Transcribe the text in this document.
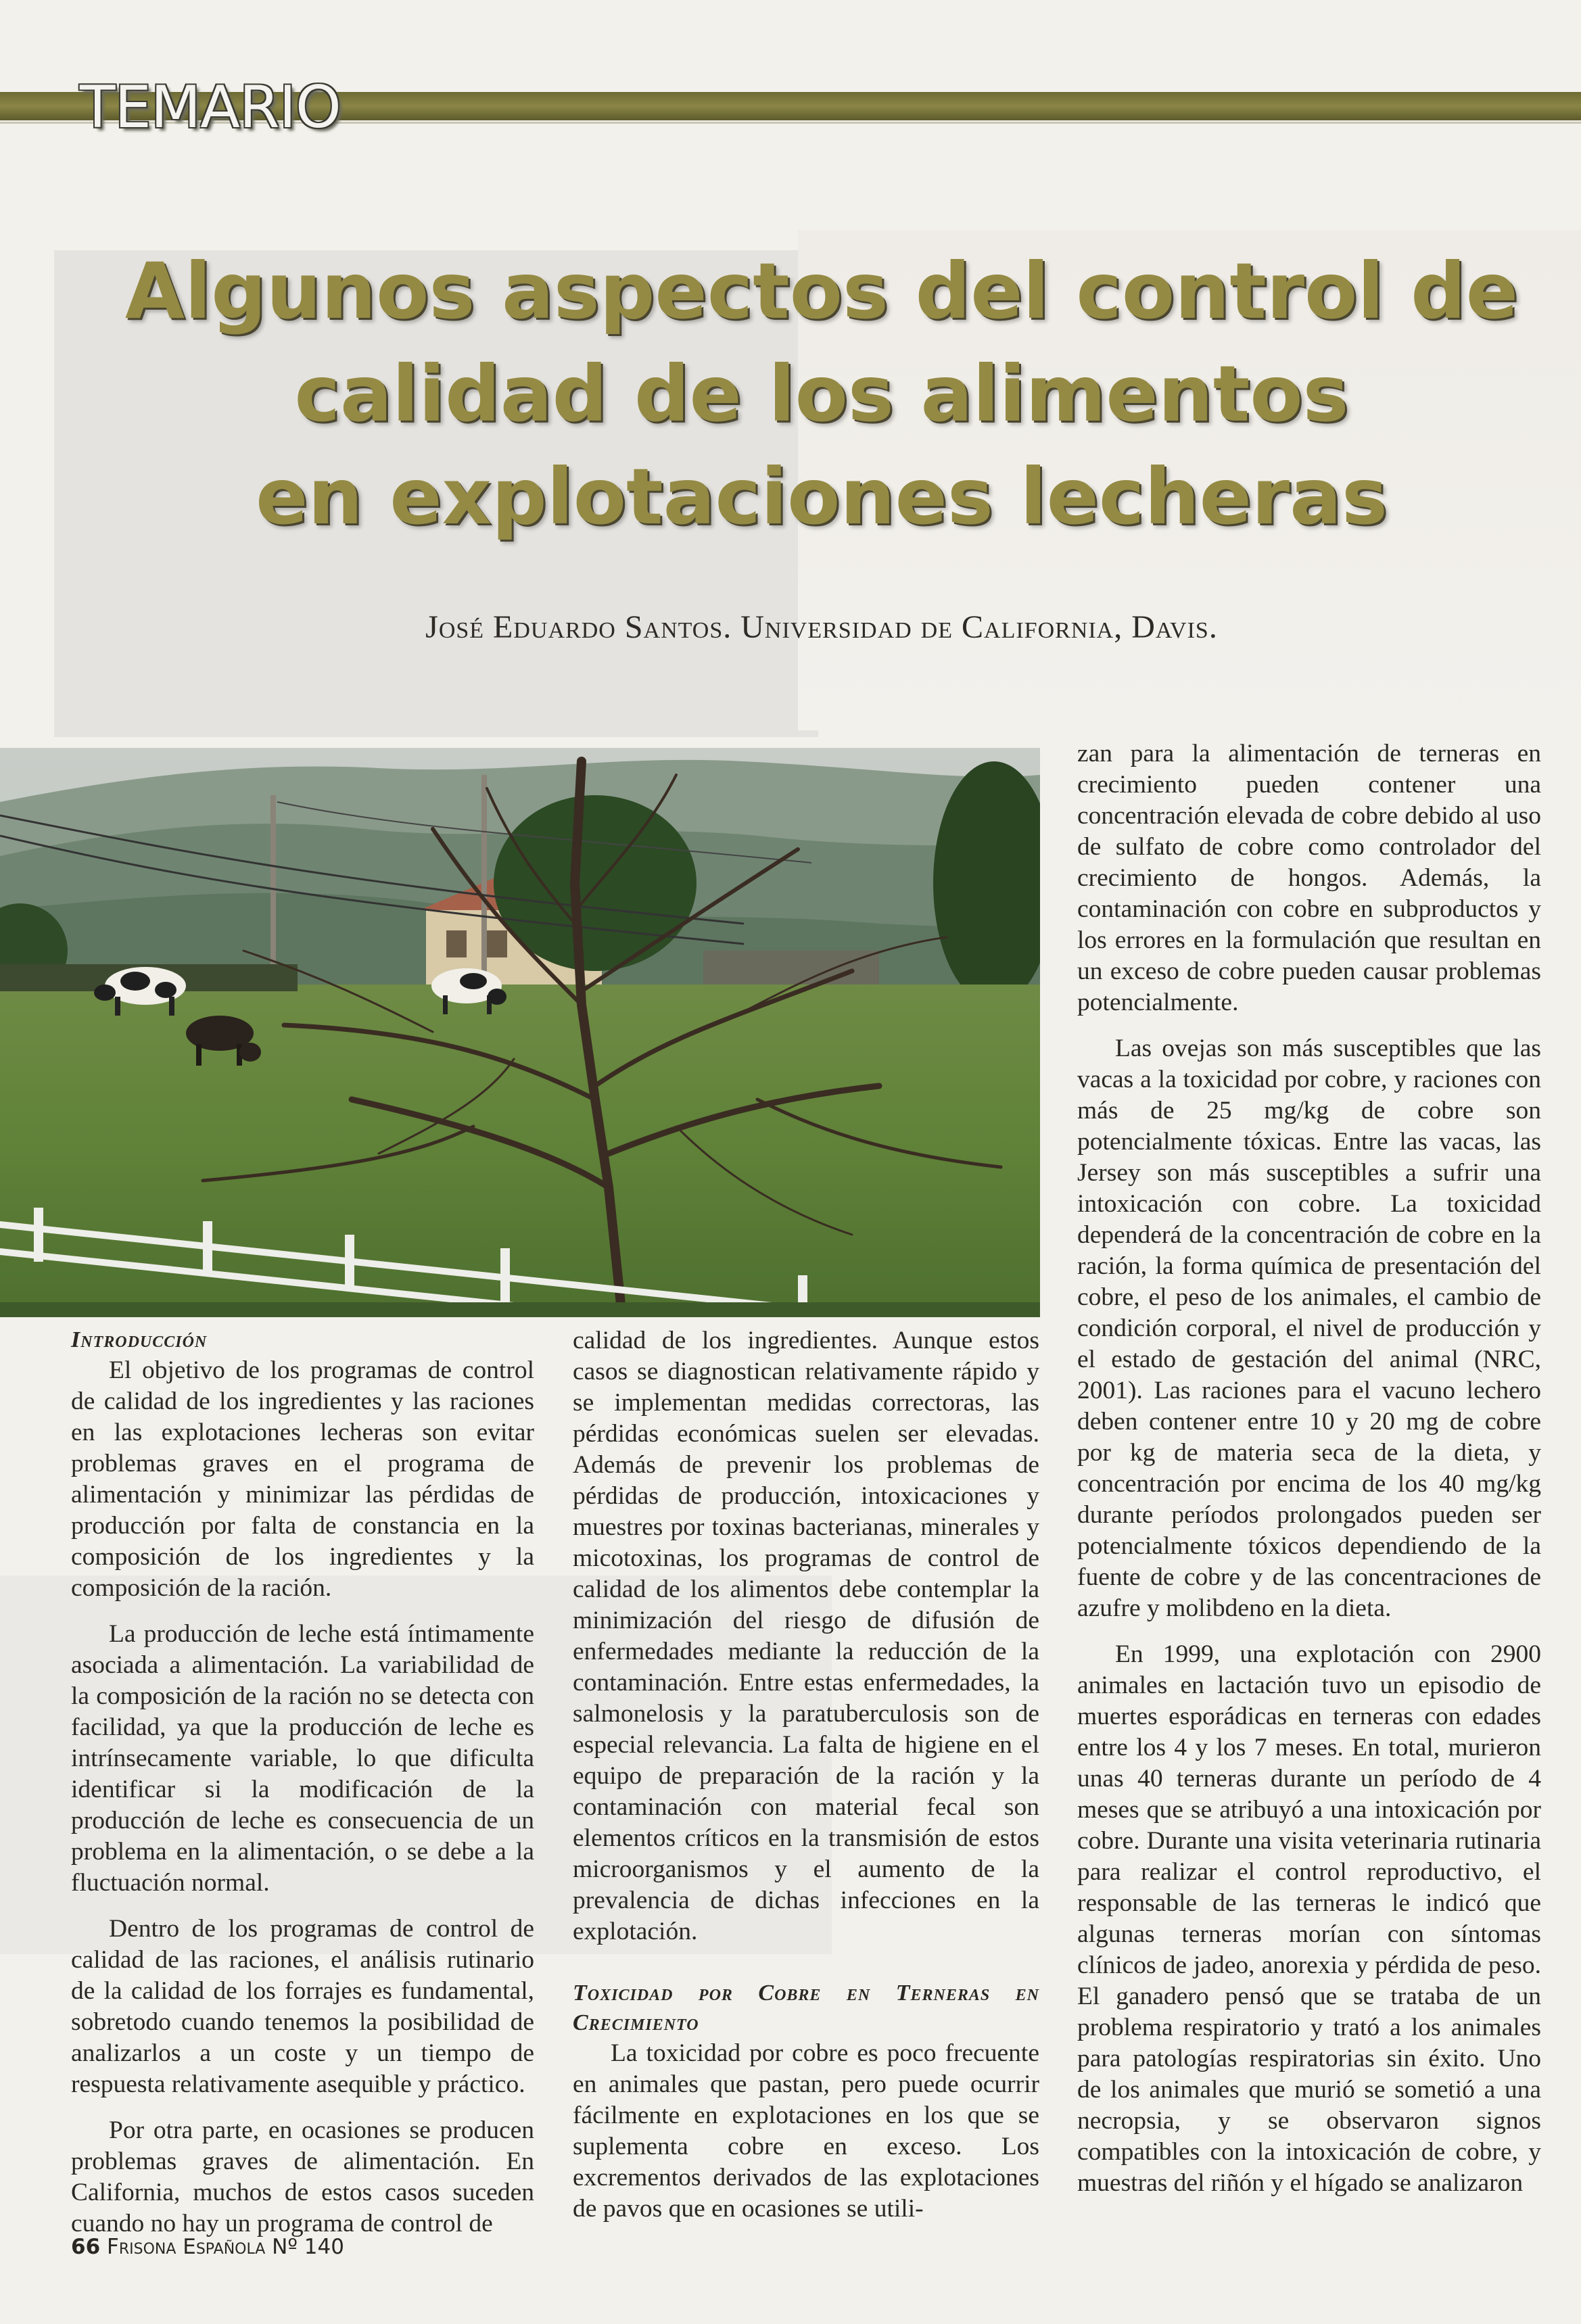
TEMARIO
Algunos aspectos del control de
calidad de los alimentos
en explotaciones lecheras
José Eduardo Santos. Universidad de California, Davis.

Introducción

El objetivo de los programas de control de calidad de los ingredientes y las raciones en las explotaciones lecheras son evitar problemas graves en el programa de alimentación y minimizar las pérdidas de producción por falta de constancia en la composición de los ingredientes y la composición de la ración.

La producción de leche está íntimamente asociada a alimentación. La variabilidad de la composición de la ración no se detecta con facilidad, ya que la producción de leche es intrínsecamente variable, lo que dificulta identificar si la modificación de la producción de leche es consecuencia de un problema en la alimentación, o se debe a la fluctuación normal.

Dentro de los programas de control de calidad de las raciones, el análisis rutinario de la calidad de los forrajes es fundamental, sobretodo cuando tenemos la posibilidad de analizarlos a un coste y un tiempo de respuesta relativamente asequible y práctico.

Por otra parte, en ocasiones se producen problemas graves de alimentación. En California, muchos de estos casos suceden cuando no hay un programa de control de

calidad de los ingredientes. Aunque estos casos se diagnostican relativamente rápido y se implementan medidas correctoras, las pérdidas económicas suelen ser elevadas. Además de prevenir los problemas de pérdidas de producción, intoxicaciones y muestres por toxinas bacterianas, minerales y micotoxinas, los programas de control de calidad de los alimentos debe contemplar la minimización del riesgo de difusión de enfermedades mediante la reducción de la contaminación. Entre estas enfermedades, la salmonelosis y la paratuberculosis son de especial relevancia. La falta de higiene en el equipo de preparación de la ración y la contaminación con material fecal son elementos críticos en la transmisión de estos microorganismos y el aumento de la prevalencia de dichas infecciones en la explotación.

Toxicidad por Cobre en Terneras en Crecimiento

La toxicidad por cobre es poco frecuente en animales que pastan, pero puede ocurrir fácilmente en explotaciones en los que se suplementa cobre en exceso. Los excrementos derivados de las explotaciones de pavos que en ocasiones se utili-

zan para la alimentación de terneras en crecimiento pueden contener una concentración elevada de cobre debido al uso de sulfato de cobre como controlador del crecimiento de hongos. Además, la contaminación con cobre en subproductos y los errores en la formulación que resultan en un exceso de cobre pueden causar problemas potencialmente.

Las ovejas son más susceptibles que las vacas a la toxicidad por cobre, y raciones con más de 25 mg/kg de cobre son potencialmente tóxicas. Entre las vacas, las Jersey son más susceptibles a sufrir una intoxicación con cobre. La toxicidad dependerá de la concentración de cobre en la ración, la forma química de presentación del cobre, el peso de los animales, el cambio de condición corporal, el nivel de producción y el estado de gestación del animal (NRC, 2001). Las raciones para el vacuno lechero deben contener entre 10 y 20 mg de cobre por kg de materia seca de la dieta, y concentración por encima de los 40 mg/kg durante períodos prolongados pueden ser potencialmente tóxicos dependiendo de la fuente de cobre y de las concentraciones de azufre y molibdeno en la dieta.

En 1999, una explotación con 2900 animales en lactación tuvo un episodio de muertes esporádicas en terneras con edades entre los 4 y los 7 meses. En total, murieron unas 40 terneras durante un período de 4 meses que se atribuyó a una intoxicación por cobre. Durante una visita veterinaria rutinaria para realizar el control reproductivo, el responsable de las terneras le indicó que algunas terneras morían con síntomas clínicos de jadeo, anorexia y pérdida de peso. El ganadero pensó que se trataba de un problema respiratorio y trató a los animales para patologías respiratorias sin éxito. Uno de los animales que murió se sometió a una necropsia, y se observaron signos compatibles con la intoxicación de cobre, y muestras del riñón y el hígado se analizaron

66 Frisona Española Nº 140
